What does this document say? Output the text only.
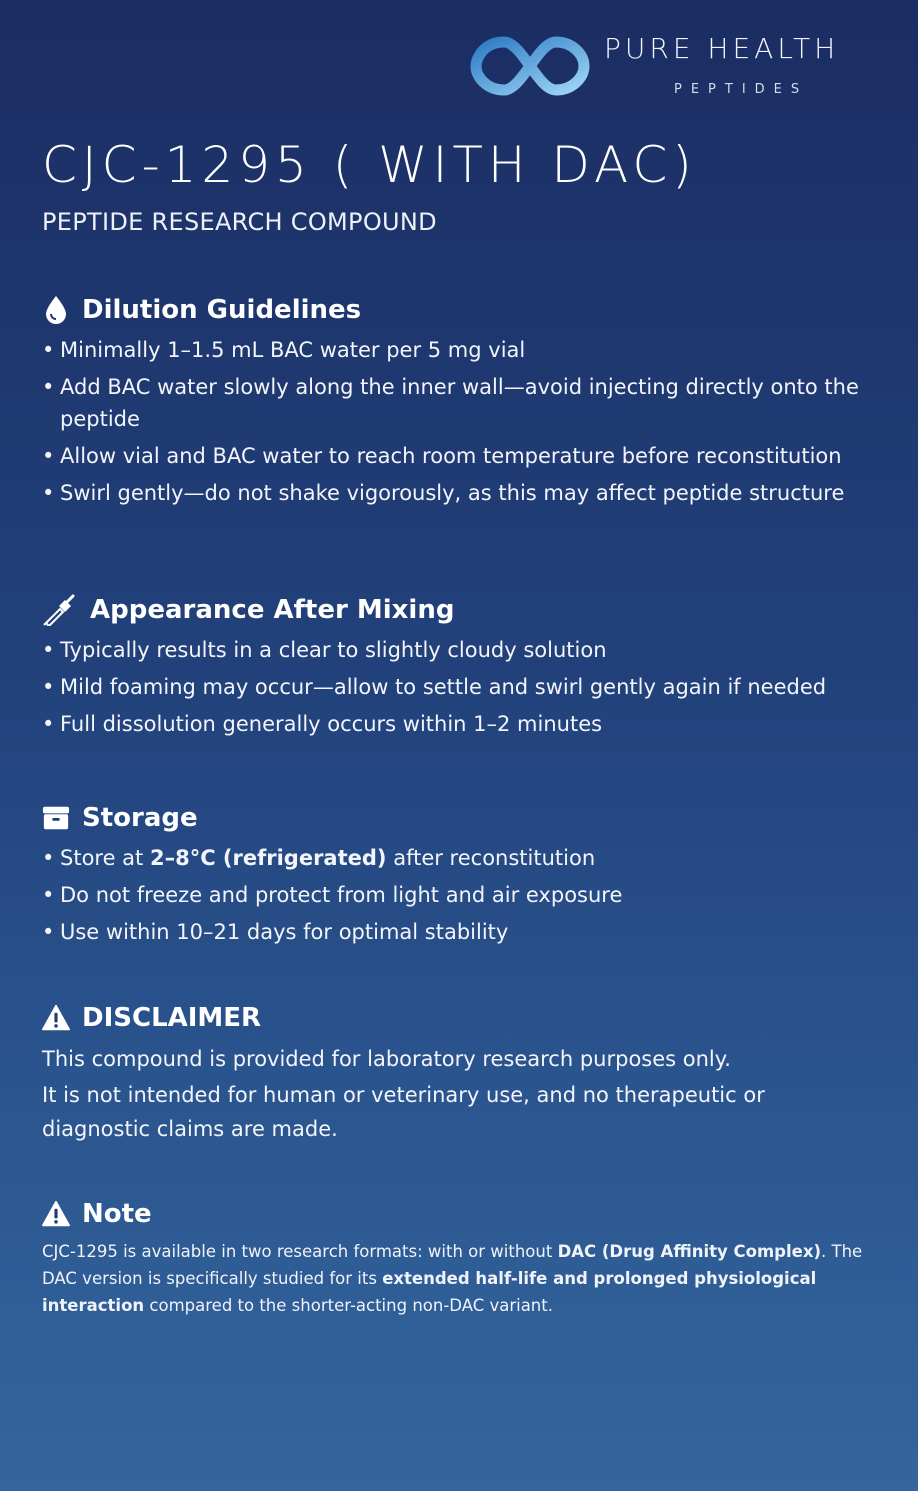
PURE HEALTH
PEPTIDES
CJC-1295 ( WITH DAC)

PEPTIDE RESEARCH COMPOUND

Dilution Guidelines
• Minimally 1–1.5 mL BAC water per 5 mg vial
• Add BAC water slowly along the inner wall—avoid injecting directly onto the peptide
• Allow vial and BAC water to reach room temperature before reconstitution
• Swirl gently—do not shake vigorously, as this may affect peptide structure
Appearance After Mixing
• Typically results in a clear to slightly cloudy solution
• Mild foaming may occur—allow to settle and swirl gently again if needed
• Full dissolution generally occurs within 1–2 minutes
Storage
• Store at 2–8°C (refrigerated) after reconstitution
• Do not freeze and protect from light and air exposure
• Use within 10–21 days for optimal stability
DISCLAIMER

This compound is provided for laboratory research purposes only.

It is not intended for human or veterinary use, and no therapeutic or diagnostic claims are made.

Note

CJC-1295 is available in two research formats: with or without DAC (Drug Affinity Complex). The DAC version is specifically studied for its extended half-life and prolonged physiological interaction compared to the shorter-acting non-DAC variant.
